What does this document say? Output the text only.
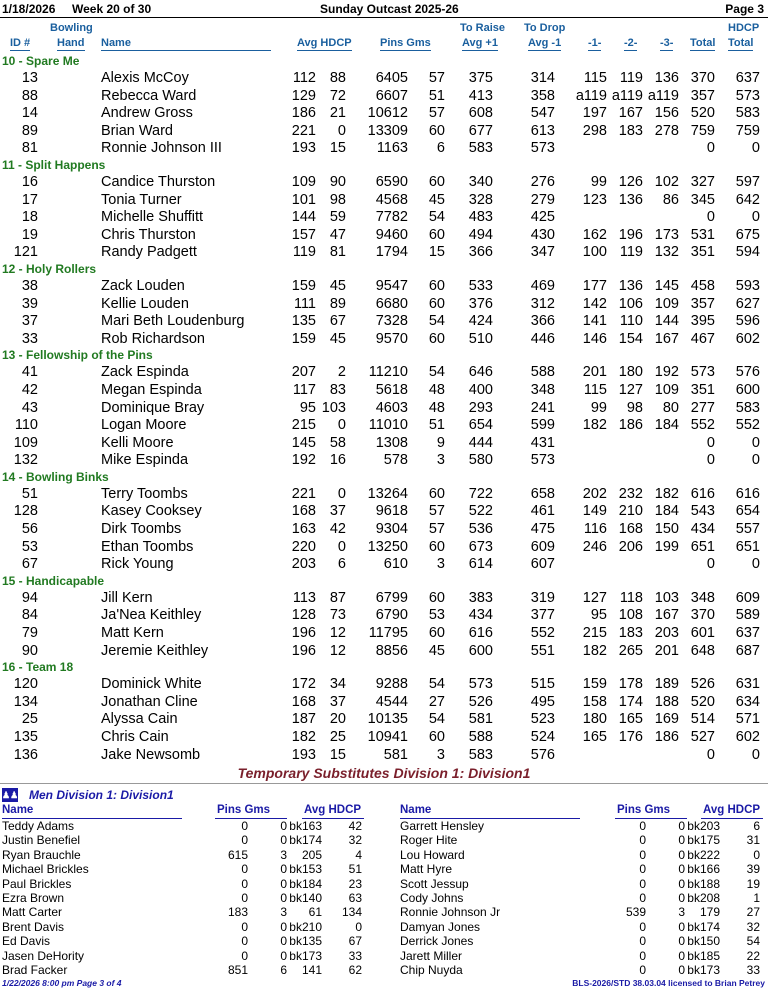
1/18/2026 Week 20 of 30	Sunday Outcast 2025-26	Page 3
Bowling	To Raise To Drop	HDCP
ID # Hand Name	Avg HDCP	Pins Gms	Avg +1	Avg -1 -1- -2- -3- Total Total
10 - Spare Me
13	Alexis McCoy	112 88 6405 57 375	314 115 119 136 370 637
88	Rebecca Ward	129 72 6607 51 413	358 a119 a119 a119 357 573
14	Andrew Gross	186 21 10612 57 608	547 197 167 156 520 583
89	Brian Ward	221 0 13309 60 677	613 298 183 278 759 759
81	Ronnie Johnson III	193 15 1163 6 583	573	0	0
11 - Split Happens
16	Candice Thurston	109 90 6590 60 340	276 99 126 102 327 597
17	Tonia Turner	101 98 4568 45 328	279 123 136 86 345 642
18	Michelle Shuffitt	144 59 7782 54 483	425	0	0
19	Chris Thurston	157 47 9460 60 494	430 162 196 173 531 675
121	Randy Padgett	119 81 1794 15 366	347 100 119 132 351 594
12 - Holy Rollers
38	Zack Louden	159 45 9547 60 533	469 177 136 145 458 593
39	Kellie Louden	111 89 6680 60 376	312 142 106 109 357 627
37	Mari Beth Loudenburg	135 67 7328 54 424	366 141 110 144 395 596
33	Rob Richardson	159 45 9570 60 510	446 146 154 167 467 602
13 - Fellowship of the Pins
41	Zack Espinda	207 2 11210 54 646	588 201 180 192 573 576
42	Megan Espinda	117 83 5618 48 400	348 115 127 109 351 600
43	Dominique Bray	95 103 4603 48 293	241 99 98 80 277 583
110	Logan Moore	215 0 11010 51 654	599 182 186 184 552 552
109	Kelli Moore	145 58 1308 9 444	431	0	0
132	Mike Espinda	192 16	578 3 580	573	0	0
14 - Bowling Binks
51	Terry Toombs	221 0 13264 60 722	658 202 232 182 616 616
128	Kasey Cooksey	168 37 9618 57 522	461 149 210 184 543 654
56	Dirk Toombs	163 42 9304 57 536	475 116 168 150 434 557
53	Ethan Toombs	220 0 13250 60 673	609 246 206 199 651 651
67	Rick Young	203 6	610 3 614	607	0	0
15 - Handicapable
94	Jill Kern	113 87 6799 60 383	319 127 118 103 348 609
84	Ja'Nea Keithley	128 73 6790 53 434	377 95 108 167 370 589
79	Matt Kern	196 12 11795 60 616	552 215 183 203 601 637
90	Jeremie Keithley	196 12 8856 45 600	551 182 265 201 648 687
16 - Team 18
120	Dominick White	172 34 9288 54 573	515 159 178 189 526 631
134	Jonathan Cline	168 37 4544 27 526	495 158 174 188 520 634
25	Alyssa Cain	187 20 10135 54 581	523 180 165 169 514 571
135	Chris Cain	182 25 10941 60 588	524 165 176 186 527 602
136	Jake Newsomb	193 15	581 3 583	576	0	0
Temporary Substitutes Division 1: Division1
♟♟ Men Division 1: Division1
Name	Pins Gms	Avg HDCP	Name	Pins Gms	Avg HDCP
Teddy Adams	0	0 bk163 42
Justin Benefiel	0	0 bk174 32
Ryan Brauchle	615	3 205	4
Michael Brickles	0	0 bk153 51
Paul Brickles	0	0 bk184 23
Ezra Brown	0	0 bk140 63
Matt Carter	183	3 61 134
Brent Davis	0	0 bk210	0
Ed Davis	0	0 bk135 67
Jasen DeHority	0	0 bk173 33
Brad Facker	851	6 141 62
Garrett Hensley	0	0 bk203	6
Roger Hite	0	0 bk175 31
Lou Howard	0	0 bk222	0
Matt Hyre	0	0 bk166 39
Scott Jessup	0	0 bk188 19
Cody Johns	0	0 bk208	1
Ronnie Johnson Jr	539	3 179 27
Damyan Jones	0	0 bk174 32
Derrick Jones	0	0 bk150 54
Jarett Miller	0	0 bk185 22
Chip Nuyda	0	0 bk173 33
1/22/2026 8:00 pm Page 3 of 4	BLS-2026/STD 38.03.04 licensed to Brian Petrey
